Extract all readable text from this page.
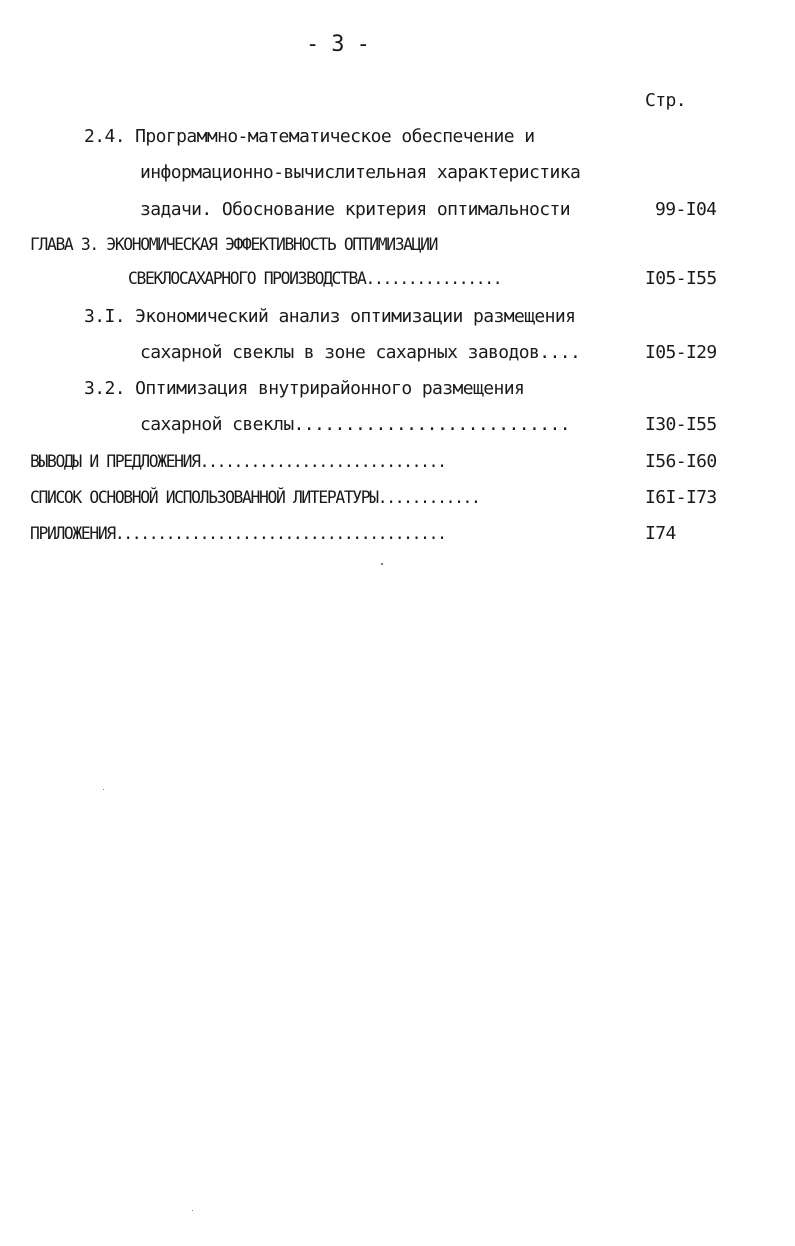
- 3 -
Стр.
2.4. Программно-математическое обеспечение и
информационно-вычислительная характеристика
задачи. Обоснование критерия оптимальности	99-I04
ГЛАВА 3. ЭКОНОМИЧЕСКАЯ ЭФФЕКТИВНОСТЬ ОПТИМИЗАЦИИ
СВЕКЛОСАХАРНОГО ПРОИЗВОДСТВА................	I05-I55
3.I. Экономический анализ оптимизации размещения
сахарной свеклы в зоне сахарных заводов....	I05-I29
3.2. Оптимизация внутрирайонного размещения
сахарной свеклы...........................	I30-I55
ВЫВОДЫ И ПРЕДЛОЖЕНИЯ.............................	I56-I60
СПИСОК ОСНОВНОЙ ИСПОЛЬЗОВАННОЙ ЛИТЕРАТУРЫ............	I6I-I73
ПРИЛОЖЕНИЯ.......................................	I74
